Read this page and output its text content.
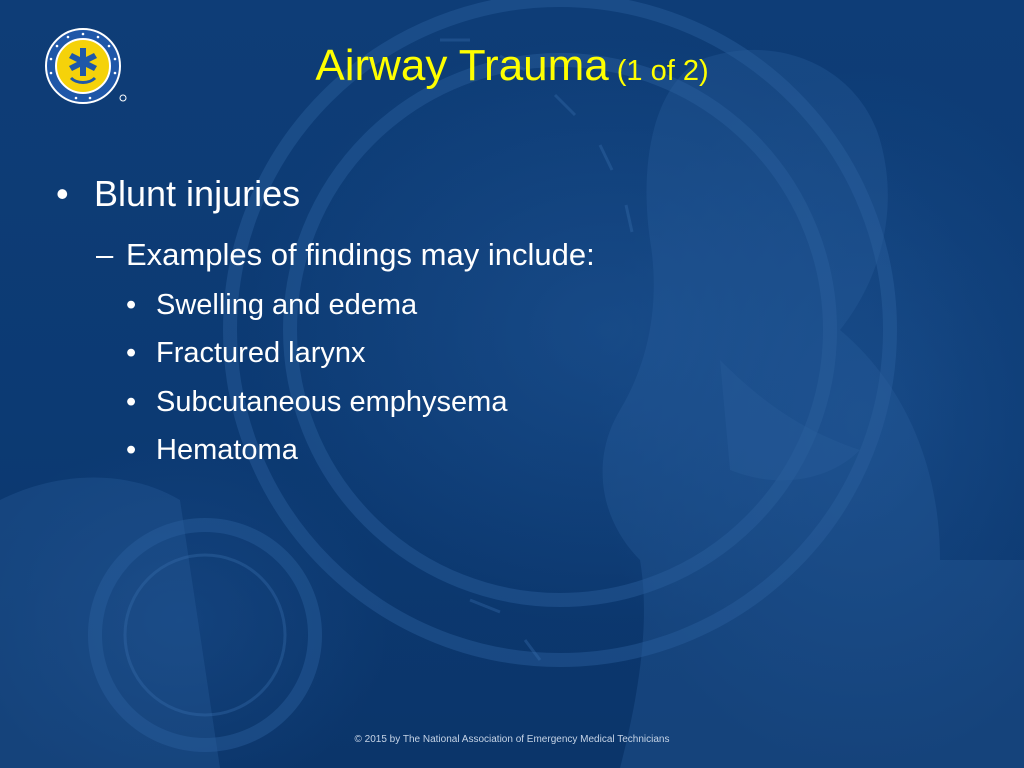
Airway Trauma (1 of 2)
• Blunt injuries
– Examples of findings may include:
• Swelling and edema
• Fractured larynx
• Subcutaneous emphysema
• Hematoma
© 2015 by The National Association of Emergency Medical Technicians
